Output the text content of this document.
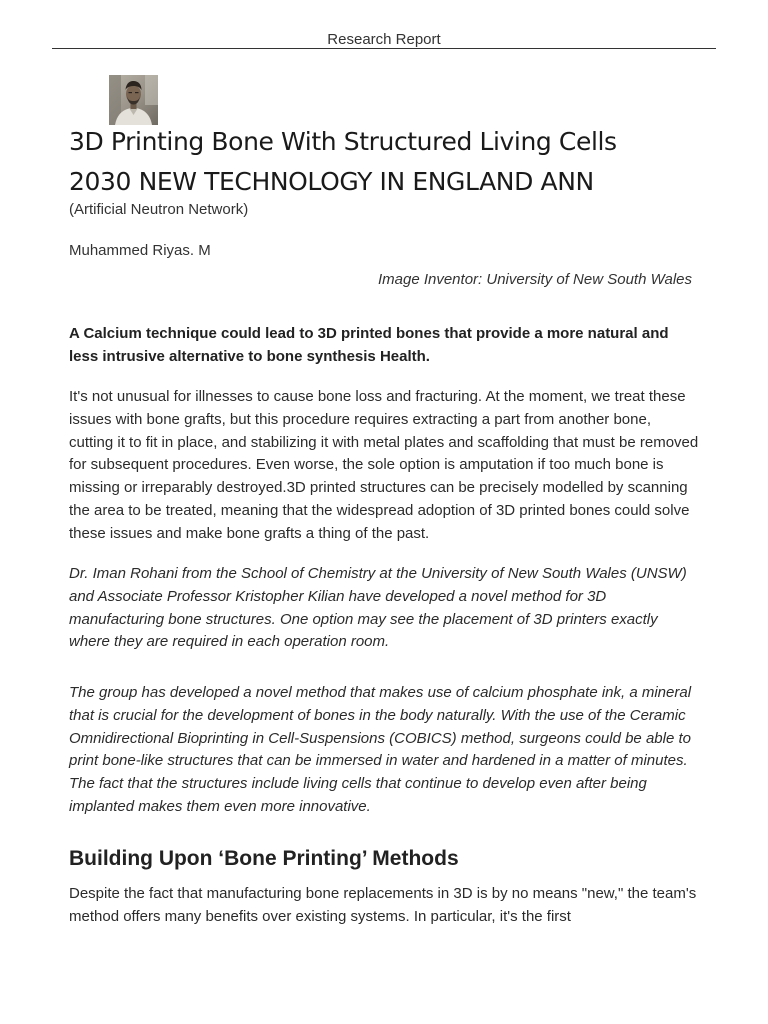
Research Report
3D Printing Bone With Structured Living Cells
2030 NEW TECHNOLOGY IN ENGLAND ANN
(Artificial Neutron Network)
Muhammed Riyas. M
Image Inventor: University of New South Wales

A Calcium technique could lead to 3D printed bones that provide a more natural and less intrusive alternative to bone synthesis Health.

It's not unusual for illnesses to cause bone loss and fracturing. At the moment, we treat these issues with bone grafts, but this procedure requires extracting a part from another bone, cutting it to fit in place, and stabilizing it with metal plates and scaffolding that must be removed for subsequent procedures. Even worse, the sole option is amputation if too much bone is missing or irreparably destroyed.3D printed structures can be precisely modelled by scanning the area to be treated, meaning that the widespread adoption of 3D printed bones could solve these issues and make bone grafts a thing of the past.

Dr. Iman Rohani from the School of Chemistry at the University of New South Wales (UNSW) and Associate Professor Kristopher Kilian have developed a novel method for 3D manufacturing bone structures. One option may see the placement of 3D printers exactly where they are required in each operation room.

The group has developed a novel method that makes use of calcium phosphate ink, a mineral that is crucial for the development of bones in the body naturally. With the use of the Ceramic Omnidirectional Bioprinting in Cell-Suspensions (COBICS) method, surgeons could be able to print bone-like structures that can be immersed in water and hardened in a matter of minutes. The fact that the structures include living cells that continue to develop even after being implanted makes them even more innovative.

Building Upon ‘Bone Printing’ Methods

Despite the fact that manufacturing bone replacements in 3D is by no means "new," the team's method offers many benefits over existing systems. In particular, it's the first
